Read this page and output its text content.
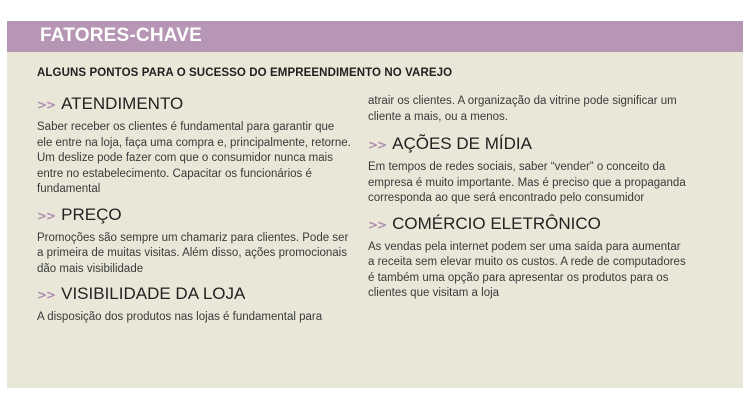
FATORES-CHAVE
ALGUNS PONTOS PARA O SUCESSO DO EMPREENDIMENTO NO VAREJO
>> ATENDIMENTO

Saber receber os clientes é fundamental para garantir que ele entre na loja, faça uma compra e, principalmente, retorne. Um deslize pode fazer com que o consumidor nunca mais entre no estabelecimento. Capacitar os funcionários é fundamental

>> PREÇO

Promoções são sempre um chamariz para clientes. Pode ser a primeira de muitas visitas. Além disso, ações promocionais dão mais visibilidade

>> VISIBILIDADE DA LOJA

A disposição dos produtos nas lojas é fundamental para

atrair os clientes. A organização da vitrine pode significar um cliente a mais, ou a menos.

>> AÇÕES DE MÍDIA

Em tempos de redes sociais, saber “vender” o conceito da empresa é muito importante. Mas é preciso que a propaganda corresponda ao que será encontrado pelo consumidor

>> COMÉRCIO ELETRÔNICO

As vendas pela internet podem ser uma saída para aumentar a receita sem elevar muito os custos. A rede de computadores é também uma opção para apresentar os produtos para os clientes que visitam a loja
